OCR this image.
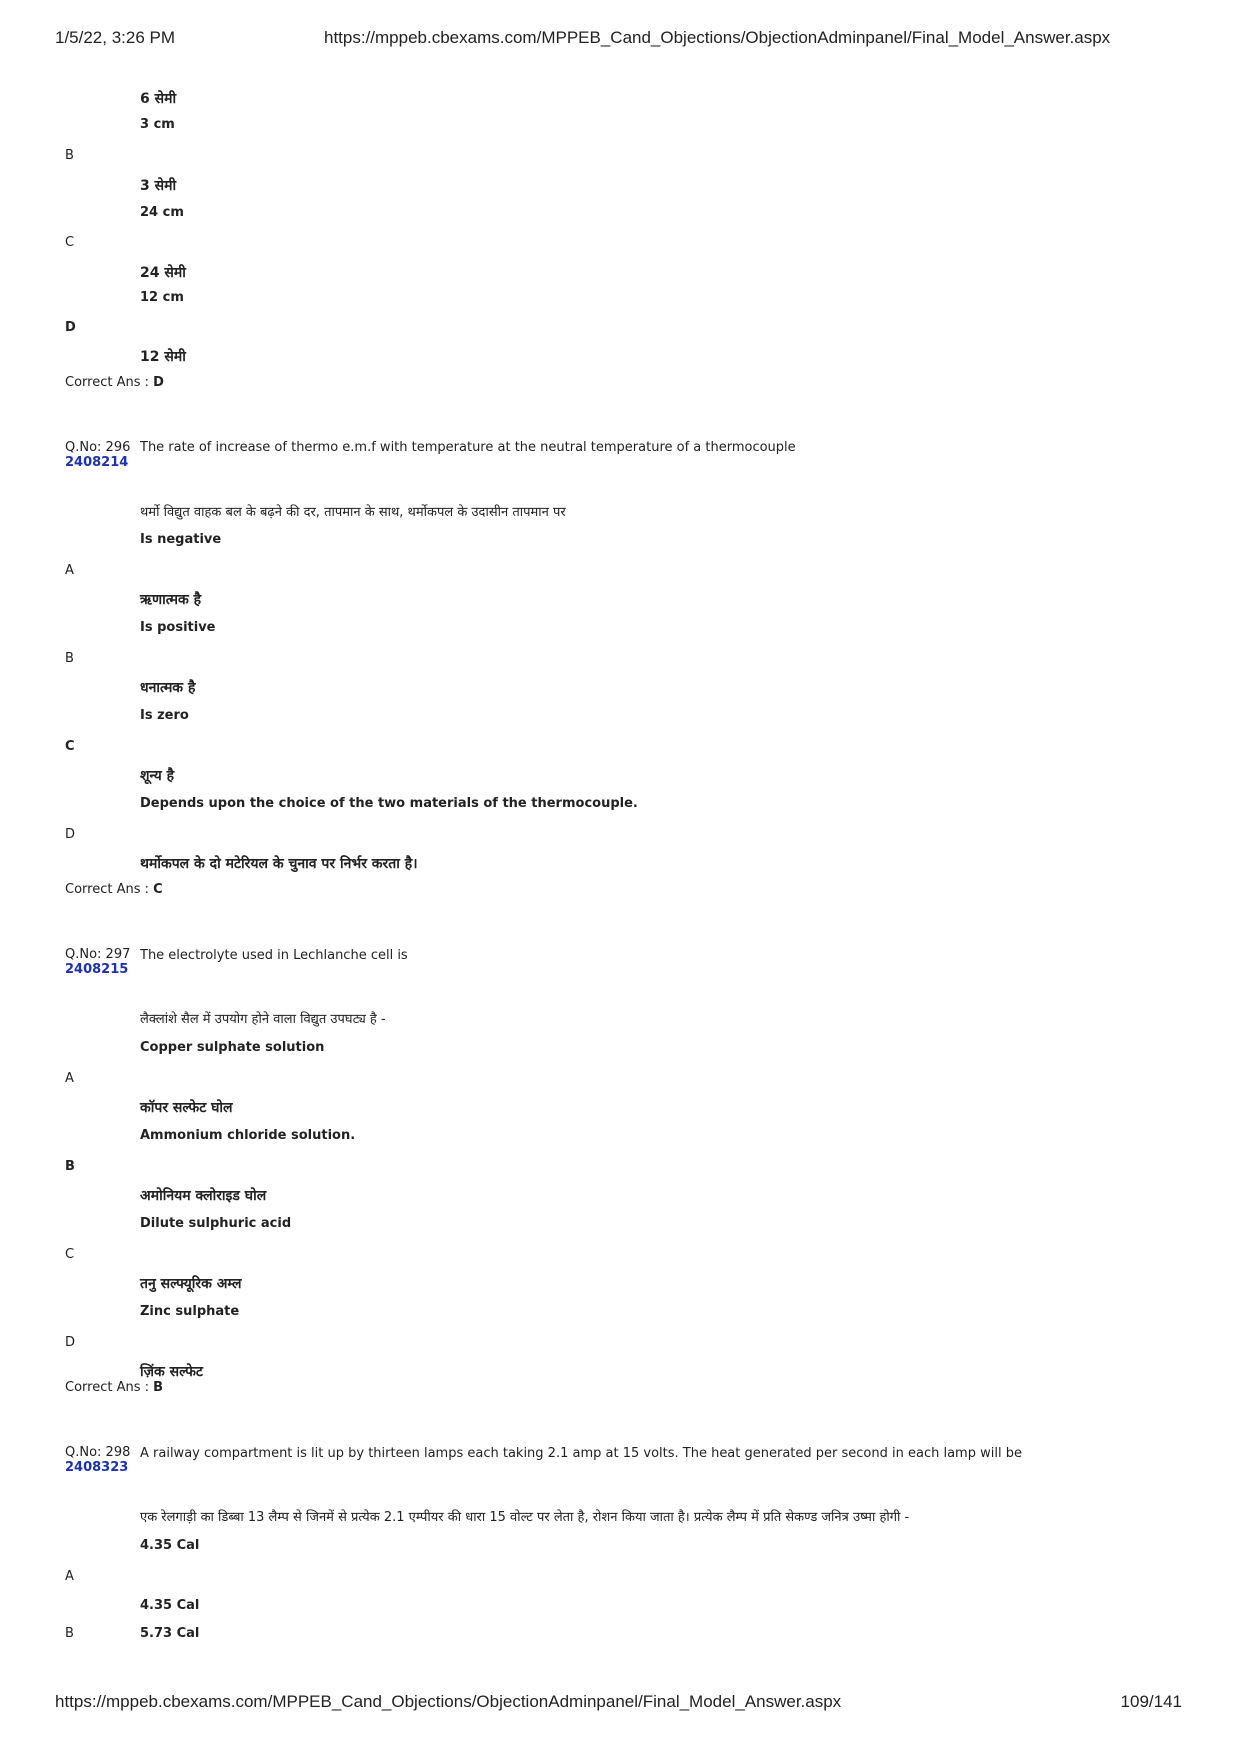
1/5/22, 3:26 PM	https://mppeb.cbexams.com/MPPEB_Cand_Objections/ObjectionAdminpanel/Final_Model_Answer.aspx
6 सेमी
3 cm
B
3 सेमी
24 cm
C
24 सेमी
12 cm
D
12 सेमी
Correct Ans : D
Q.No: 296
2408214
The rate of increase of thermo e.m.f with temperature at the neutral temperature of a thermocouple
थर्मो विद्युत वाहक बल के बढ़ने की दर, तापमान के साथ, थर्मोकपल के उदासीन तापमान पर
Is negative
A
ऋणात्मक है
Is positive
B
धनात्मक है
Is zero
C
शून्य है
Depends upon the choice of the two materials of the thermocouple.
D
थर्मोकपल के दो मटेरियल के चुनाव पर निर्भर करता है।
Correct Ans : C
Q.No: 297
2408215
The electrolyte used in Lechlanche cell is
लैक्लांशे सैल में उपयोग होने वाला विद्युत उपघट्य है -
Copper sulphate solution
A
कॉपर सल्फेट घोल
Ammonium chloride solution.
B
अमोनियम क्लोराइड घोल
Dilute sulphuric acid
C
तनु सल्फ्यूरिक अम्ल
Zinc sulphate
D
ज़िंक सल्फेट
Correct Ans : B
Q.No: 298
2408323
A railway compartment is lit up by thirteen lamps each taking 2.1 amp at 15 volts. The heat generated per second in each lamp will be
एक रेलगाड़ी का डिब्बा 13 लैम्प से जिनमें से प्रत्येक 2.1 एम्पीयर की धारा 15 वोल्ट पर लेता है, रोशन किया जाता है। प्रत्येक लैम्प में प्रति सेकण्ड जनित्र उष्मा होगी -
4.35 Cal
A
4.35 Cal
B	5.73 Cal
https://mppeb.cbexams.com/MPPEB_Cand_Objections/ObjectionAdminpanel/Final_Model_Answer.aspx	109/141
